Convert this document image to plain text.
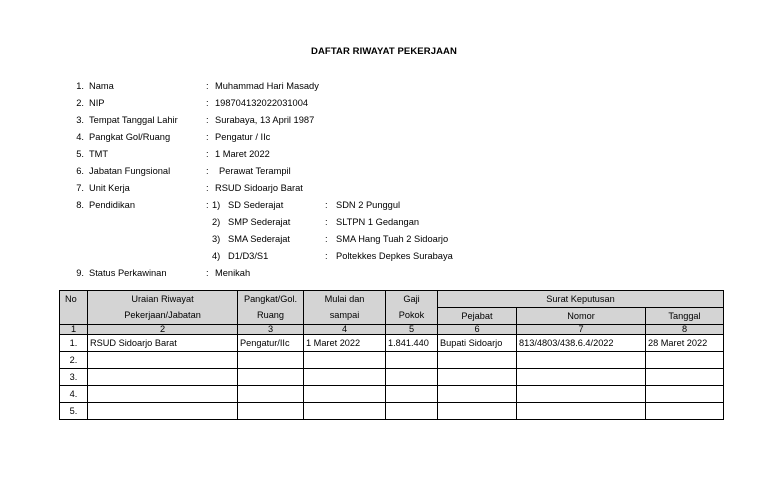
DAFTAR RIWAYAT PEKERJAAN
1. Nama	: Muhammad Hari Masady
2. NIP	: 198704132022031004
3. Tempat Tanggal Lahir	: Surabaya, 13 April 1987
4. Pangkat Gol/Ruang	: Pengatur / IIc
5. TMT	: 1 Maret 2022
6. Jabatan Fungsional	: Perawat Terampil
7. Unit Kerja	: RSUD Sidoarjo Barat
8. Pendidikan	: 1) SD Sederajat	: SDN 2 Punggul
2) SMP Sederajat	: SLTPN 1 Gedangan
3) SMA Sederajat	: SMA Hang Tuah 2 Sidoarjo
4) D1/D3/S1	: Poltekkes Depkes Surabaya
9. Status Perkawinan	: Menikah
No	Uraian Riwayat	Pangkat/Gol.	Mulai dan	Gaji	Surat Keputusan		
	Pekerjaan/Jabatan	Ruang	sampai	Pokok	Pejabat	Nomor	Tanggal
1	2	3	4	5	6	7	8
1.	RSUD Sidoarjo Barat	Pengatur/IIc	1 Maret 2022	1.841.440	Bupati Sidoarjo	813/4803/438.6.4/2022	28 Maret 2022
2.							
3.							
4.							
5.							
